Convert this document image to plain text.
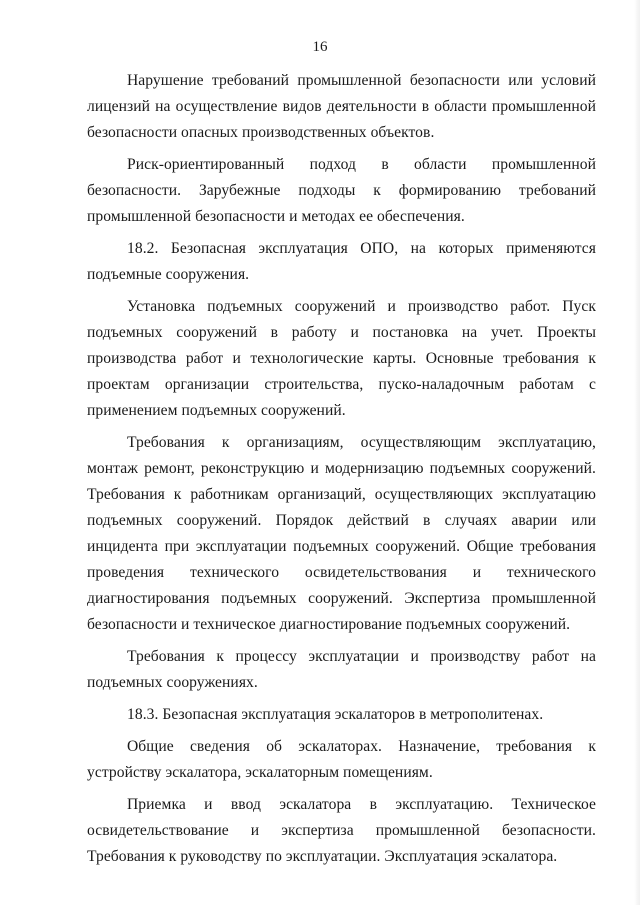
16

Нарушение требований промышленной безопасности или условий лицензий на осуществление видов деятельности в области промышленной безопасности опасных производственных объектов.

Риск-ориентированный подход в области промышленной безопасности. Зарубежные подходы к формированию требований промышленной безопасности и методах ее обеспечения.

18.2. Безопасная эксплуатация ОПО, на которых применяются подъемные сооружения.

Установка подъемных сооружений и производство работ. Пуск подъемных сооружений в работу и постановка на учет. Проекты производства работ и технологические карты. Основные требования к проектам организации строительства, пуско-наладочным работам с применением подъемных сооружений.

Требования к организациям, осуществляющим эксплуатацию, монтаж ремонт, реконструкцию и модернизацию подъемных сооружений. Требования к работникам организаций, осуществляющих эксплуатацию подъемных сооружений. Порядок действий в случаях аварии или инцидента при эксплуатации подъемных сооружений. Общие требования проведения технического освидетельствования и технического диагностирования подъемных сооружений. Экспертиза промышленной безопасности и техническое диагностирование подъемных сооружений.

Требования к процессу эксплуатации и производству работ на подъемных сооружениях.

18.3. Безопасная эксплуатация эскалаторов в метрополитенах.

Общие сведения об эскалаторах. Назначение, требования к устройству эскалатора, эскалаторным помещениям.

Приемка и ввод эскалатора в эксплуатацию. Техническое освидетельствование и экспертиза промышленной безопасности. Требования к руководству по эксплуатации. Эксплуатация эскалатора.
